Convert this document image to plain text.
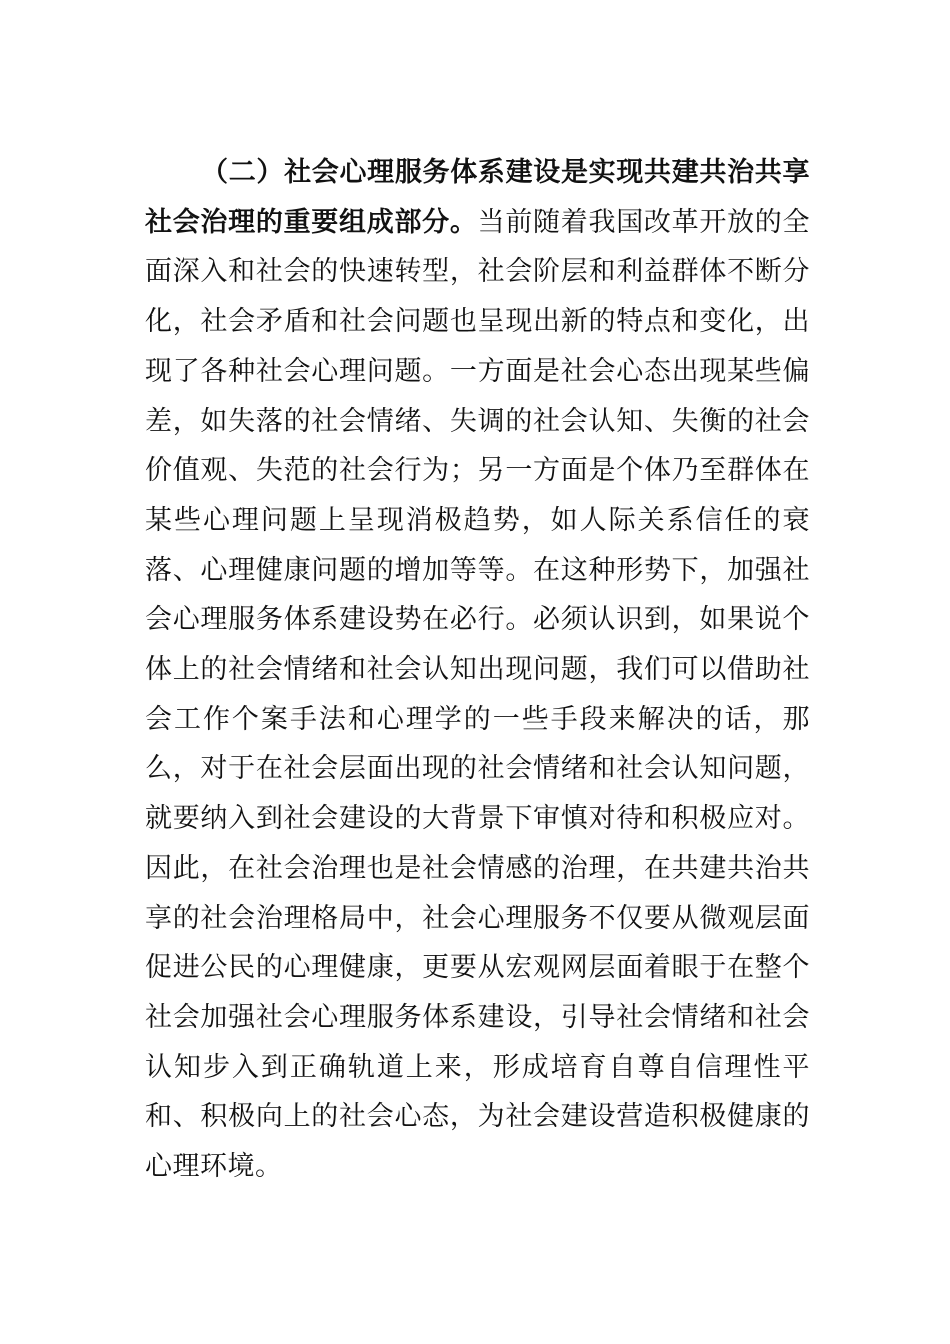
（二）社会心理服务体系建设是实现共建共治共享社会治理的重要组成部分。当前随着我国改革开放的全面深入和社会的快速转型，社会阶层和利益群体不断分化，社会矛盾和社会问题也呈现出新的特点和变化，出现了各种社会心理问题。一方面是社会心态出现某些偏差，如失落的社会情绪、失调的社会认知、失衡的社会价值观、失范的社会行为；另一方面是个体乃至群体在某些心理问题上呈现消极趋势，如人际关系信任的衰落、心理健康问题的增加等等。在这种形势下，加强社会心理服务体系建设势在必行。必须认识到，如果说个体上的社会情绪和社会认知出现问题，我们可以借助社会工作个案手法和心理学的一些手段来解决的话，那么，对于在社会层面出现的社会情绪和社会认知问题，就要纳入到社会建设的大背景下审慎对待和积极应对。因此，在社会治理也是社会情感的治理，在共建共治共享的社会治理格局中，社会心理服务不仅要从微观层面促进公民的心理健康，更要从宏观网层面着眼于在整个社会加强社会心理服务体系建设，引导社会情绪和社会认知步入到正确轨道上来，形成培育自尊自信理性平和、积极向上的社会心态，为社会建设营造积极健康的心理环境。
